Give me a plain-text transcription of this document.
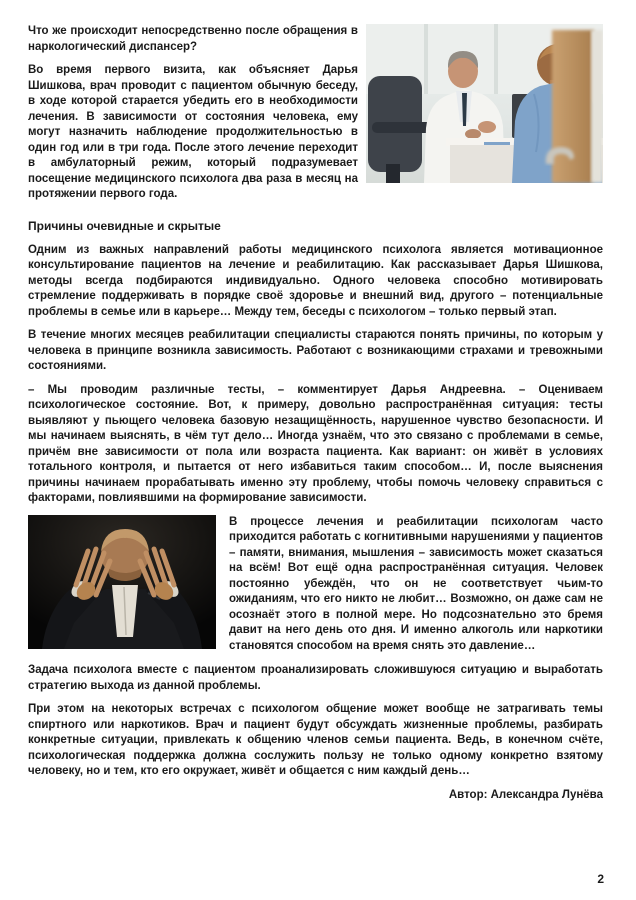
Что же происходит непосредственно после обращения в наркологический диспансер?

Во время первого визита, как объясняет Дарья Шишкова, врач проводит с пациентом обычную беседу, в ходе которой старается убедить его в необходимости лечения. В зависимости от состояния человека, ему могут назначить наблюдение продолжительностью в один год или в три года. После этого лечение переходит в амбулаторный режим, который подразумевает посещение медицинского психолога два раза в месяц на протяжении первого года.

Причины очевидные и скрытые

Одним из важных направлений работы медицинского психолога является мотивационное консультирование пациентов на лечение и реабилитацию. Как рассказывает Дарья Шишкова, методы всегда подбираются индивидуально. Одного человека способно мотивировать стремление поддерживать в порядке своё здоровье и внешний вид, другого – потенциальные проблемы в семье или в карьере… Между тем, беседы с психологом – только первый этап.

В течение многих месяцев реабилитации специалисты стараются понять причины, по которым у человека в принципе возникла зависимость. Работают с возникающими страхами и тревожными состояниями.

– Мы проводим различные тесты, – комментирует Дарья Андреевна. – Оцениваем психологическое состояние. Вот, к примеру, довольно распространённая ситуация: тесты выявляют у пьющего человека базовую незащищённость, нарушенное чувство безопасности. И мы начинаем выяснять, в чём тут дело… Иногда узнаём, что это связано с проблемами в семье, причём вне зависимости от пола или возраста пациента. Как вариант: он живёт в условиях тотального контроля, и пытается от него избавиться таким способом… И, после выяснения причины начинаем прорабатывать именно эту проблему, чтобы помочь человеку справиться с факторами, повлиявшими на формирование зависимости.

В процессе лечения и реабилитации психологам часто приходится работать с когнитивными нарушениями у пациентов – памяти, внимания, мышления – зависимость может сказаться на всём! Вот ещё одна распространённая ситуация. Человек постоянно убеждён, что он не соответствует чьим-то ожиданиям, что его никто не любит… Возможно, он даже сам не осознаёт этого в полной мере. Но подсознательно это бремя давит на него день ото дня. И именно алкоголь или наркотики становятся способом на время снять это давление…

Задача психолога вместе с пациентом проанализировать сложившуюся ситуацию и выработать стратегию выхода из данной проблемы.

При этом на некоторых встречах с психологом общение может вообще не затрагивать темы спиртного или наркотиков. Врач и пациент будут обсуждать жизненные проблемы, разбирать конкретные ситуации, привлекать к общению членов семьи пациента. Ведь, в конечном счёте, психологическая поддержка должна сослужить пользу не только одному конкретно взятому человеку, но и тем, кто его окружает, живёт и общается с ним каждый день…

Автор: Александра Лунёва

2
